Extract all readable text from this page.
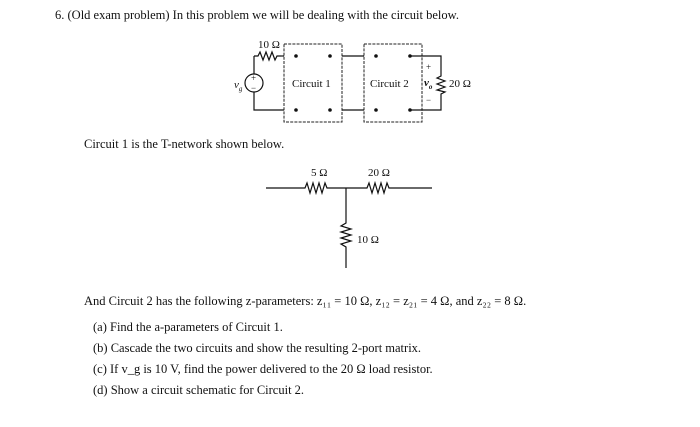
6. (Old exam problem) In this problem we will be dealing with the circuit below.
10 Ω
+
−
$v_g$	Circuit 1	Circuit 2	20 Ω
+
$v_o$
−
Circuit 1 is the T-network shown below.
5 Ω	20 Ω
10 Ω
And Circuit 2 has the following z-parameters: z₁₁ = 10 Ω, z₁₂ = z₂₁ = 4 Ω, and z₂₂ = 8 Ω.
(a) Find the a-parameters of Circuit 1.
(b) Cascade the two circuits and show the resulting 2-port matrix.
(c) If v_g is 10 V, find the power delivered to the 20 Ω load resistor.
(d) Show a circuit schematic for Circuit 2.
